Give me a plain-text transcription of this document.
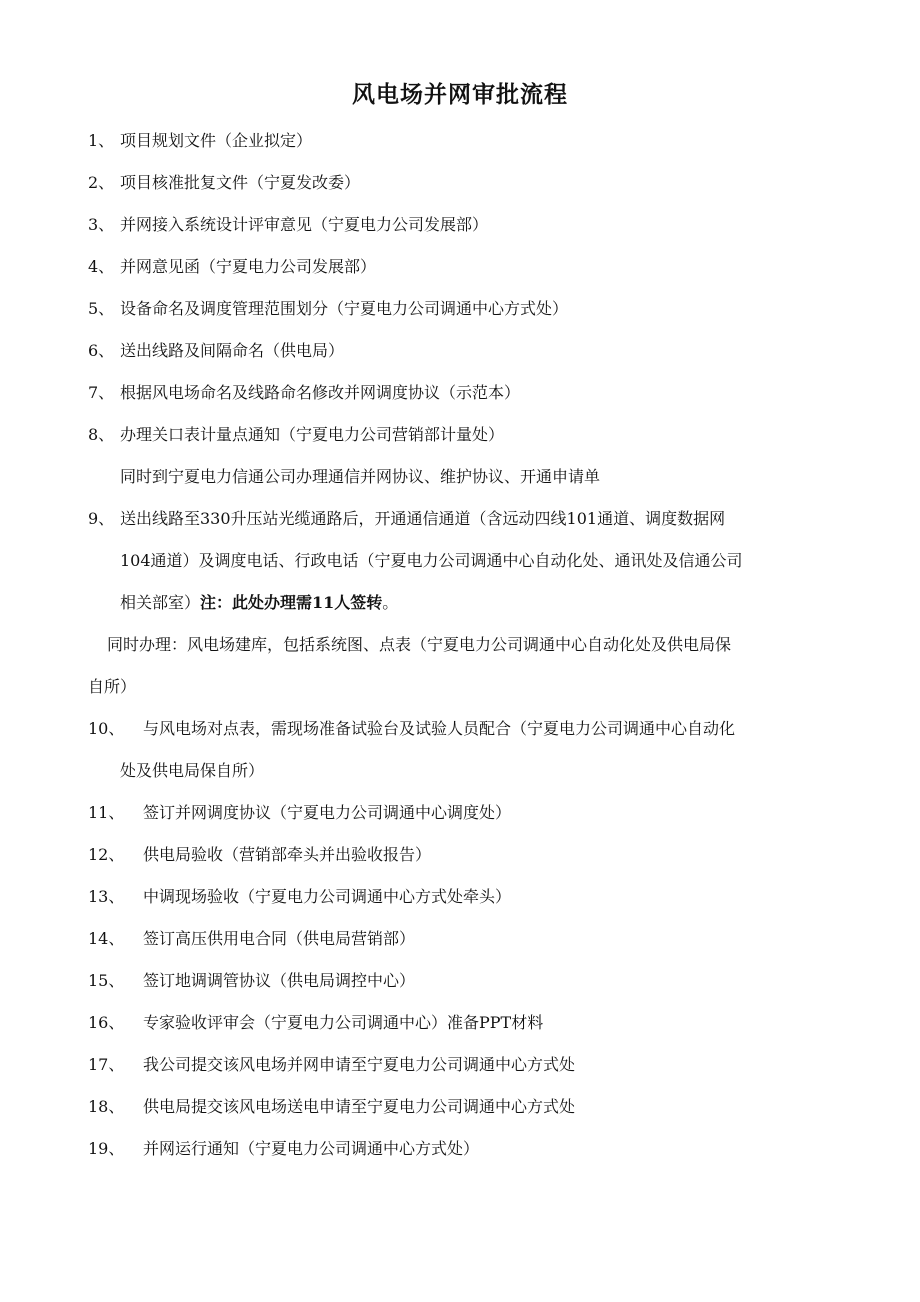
风电场并网审批流程
1、 项目规划文件（企业拟定）
2、 项目核准批复文件（宁夏发改委）
3、 并网接入系统设计评审意见（宁夏电力公司发展部）
4、 并网意见函（宁夏电力公司发展部）
5、 设备命名及调度管理范围划分（宁夏电力公司调通中心方式处）
6、 送出线路及间隔命名（供电局）
7、 根据风电场命名及线路命名修改并网调度协议（示范本）
8、 办理关口表计量点通知（宁夏电力公司营销部计量处）
同时到宁夏电力信通公司办理通信并网协议、维护协议、开通申请单
9、 送出线路至330升压站光缆通路后，开通通信通道（含远动四线101通道、调度数据网
104通道）及调度电话、行政电话（宁夏电力公司调通中心自动化处、通讯处及信通公司
相关部室）注：此处办理需11人签转。
同时办理：风电场建库，包括系统图、点表（宁夏电力公司调通中心自动化处及供电局保
自所）
10、 与风电场对点表，需现场准备试验台及试验人员配合（宁夏电力公司调通中心自动化
处及供电局保自所）
11、 签订并网调度协议（宁夏电力公司调通中心调度处）
12、 供电局验收（营销部牵头并出验收报告）
13、 中调现场验收（宁夏电力公司调通中心方式处牵头）
14、 签订高压供用电合同（供电局营销部）
15、 签订地调调管协议（供电局调控中心）
16、 专家验收评审会（宁夏电力公司调通中心）准备PPT材料
17、 我公司提交该风电场并网申请至宁夏电力公司调通中心方式处
18、 供电局提交该风电场送电申请至宁夏电力公司调通中心方式处
19、 并网运行通知（宁夏电力公司调通中心方式处）
